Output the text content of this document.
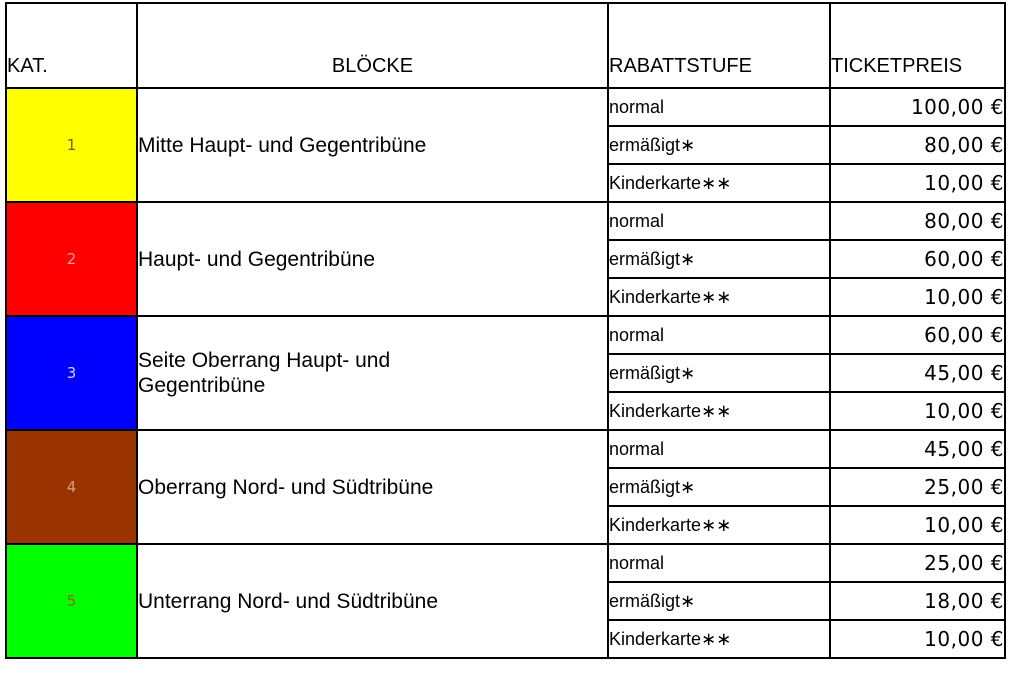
KAT.	BLÖCKE	RABATTSTUFE	TICKETPREIS
1	Mitte Haupt- und Gegentribüne	normal	100,00 €
		ermäßigt∗	80,00 €
		Kinderkarte∗∗	10,00 €
2	Haupt- und Gegentribüne	normal	80,00 €
		ermäßigt∗	60,00 €
		Kinderkarte∗∗	10,00 €
3	Seite Oberrang Haupt- und Gegentribüne	normal	60,00 €
		ermäßigt∗	45,00 €
		Kinderkarte∗∗	10,00 €
4	Oberrang Nord- und Südtribüne	normal	45,00 €
		ermäßigt∗	25,00 €
		Kinderkarte∗∗	10,00 €
5	Unterrang Nord- und Südtribüne	normal	25,00 €
		ermäßigt∗	18,00 €
		Kinderkarte∗∗	10,00 €
